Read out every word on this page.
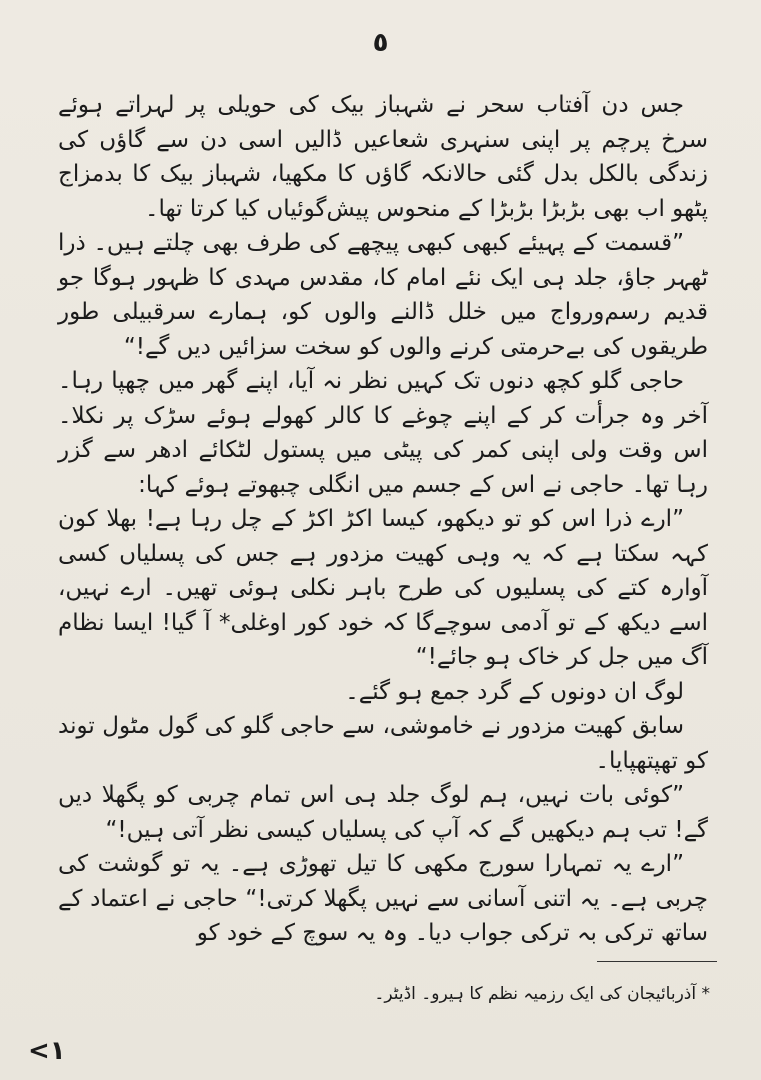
٥

جس دن آفتاب سحر نے شہباز بیک کی حویلی پر لہراتے ہوئے سرخ پرچم پر اپنی سنہری شعاعیں ڈالیں اسی دن سے گاؤں کی زندگی بالکل بدل گئی حالانکہ گاؤں کا مکھیا، شہباز بیک کا بدمزاج پٹھو اب بھی بڑبڑا بڑبڑا کے منحوس پیش‌گوئیاں کیا کرتا تھا۔

”قسمت کے پہیئے کبھی کبھی پیچھے کی طرف بھی چلتے ہیں۔ ذرا ٹھہر جاؤ، جلد ہی ایک نئے امام کا، مقدس مہدی کا ظہور ہوگا جو قدیم رسم‌ورواج میں خلل ڈالنے والوں کو، ہمارے سرقبیلی طور طریقوں کی بےحرمتی کرنے والوں کو سخت سزائیں دیں گے!“

حاجی گلو کچھ دنوں تک کہیں نظر نہ آیا، اپنے گھر میں چھپا رہا۔ آخر وہ جرأت کر کے اپنے چوغے کا کالر کھولے ہوئے سڑک پر نکلا۔ اس وقت ولی اپنی کمر کی پیٹی میں پستول لٹکائے ادھر سے گزر رہا تھا۔ حاجی نے اس کے جسم میں انگلی چبھوتے ہوئے کہا:

”ارے ذرا اس کو تو دیکھو، کیسا اکڑ اکڑ کے چل رہا ہے! بھلا کون کہہ سکتا ہے کہ یہ وہی کھیت مزدور ہے جس کی پسلیاں کسی آوارہ کتے کی پسلیوں کی طرح باہر نکلی ہوئی تھیں۔ ارے نہیں، اسے دیکھ کے تو آدمی سوچےگا کہ خود کور اوغلی* آ گیا! ایسا نظام آگ میں جل کر خاک ہو جائے!“

لوگ ان دونوں کے گرد جمع ہو گئے۔

سابق کھیت مزدور نے خاموشی، سے حاجی گلو کی گول مٹول توند کو تھپتھپایا۔

”کوئی بات نہیں، ہم لوگ جلد ہی اس تمام چربی کو پگھلا دیں گے! تب ہم دیکھیں گے کہ آپ کی پسلیاں کیسی نظر آتی ہیں!“

”ارے یہ تمہارا سورج مکھی کا تیل تھوڑی ہے۔ یہ تو گوشت کی چربی ہے۔ یہ اتنی آسانی سے نہیں پگھلا کرتی!“ حاجی نے اعتماد کے ساتھ ترکی بہ ترکی جواب دیا۔ وہ یہ سوچ کے خود کو

* آذربائیجان کی ایک رزمیہ نظم کا ہیرو۔ اڈیٹر۔
<١
